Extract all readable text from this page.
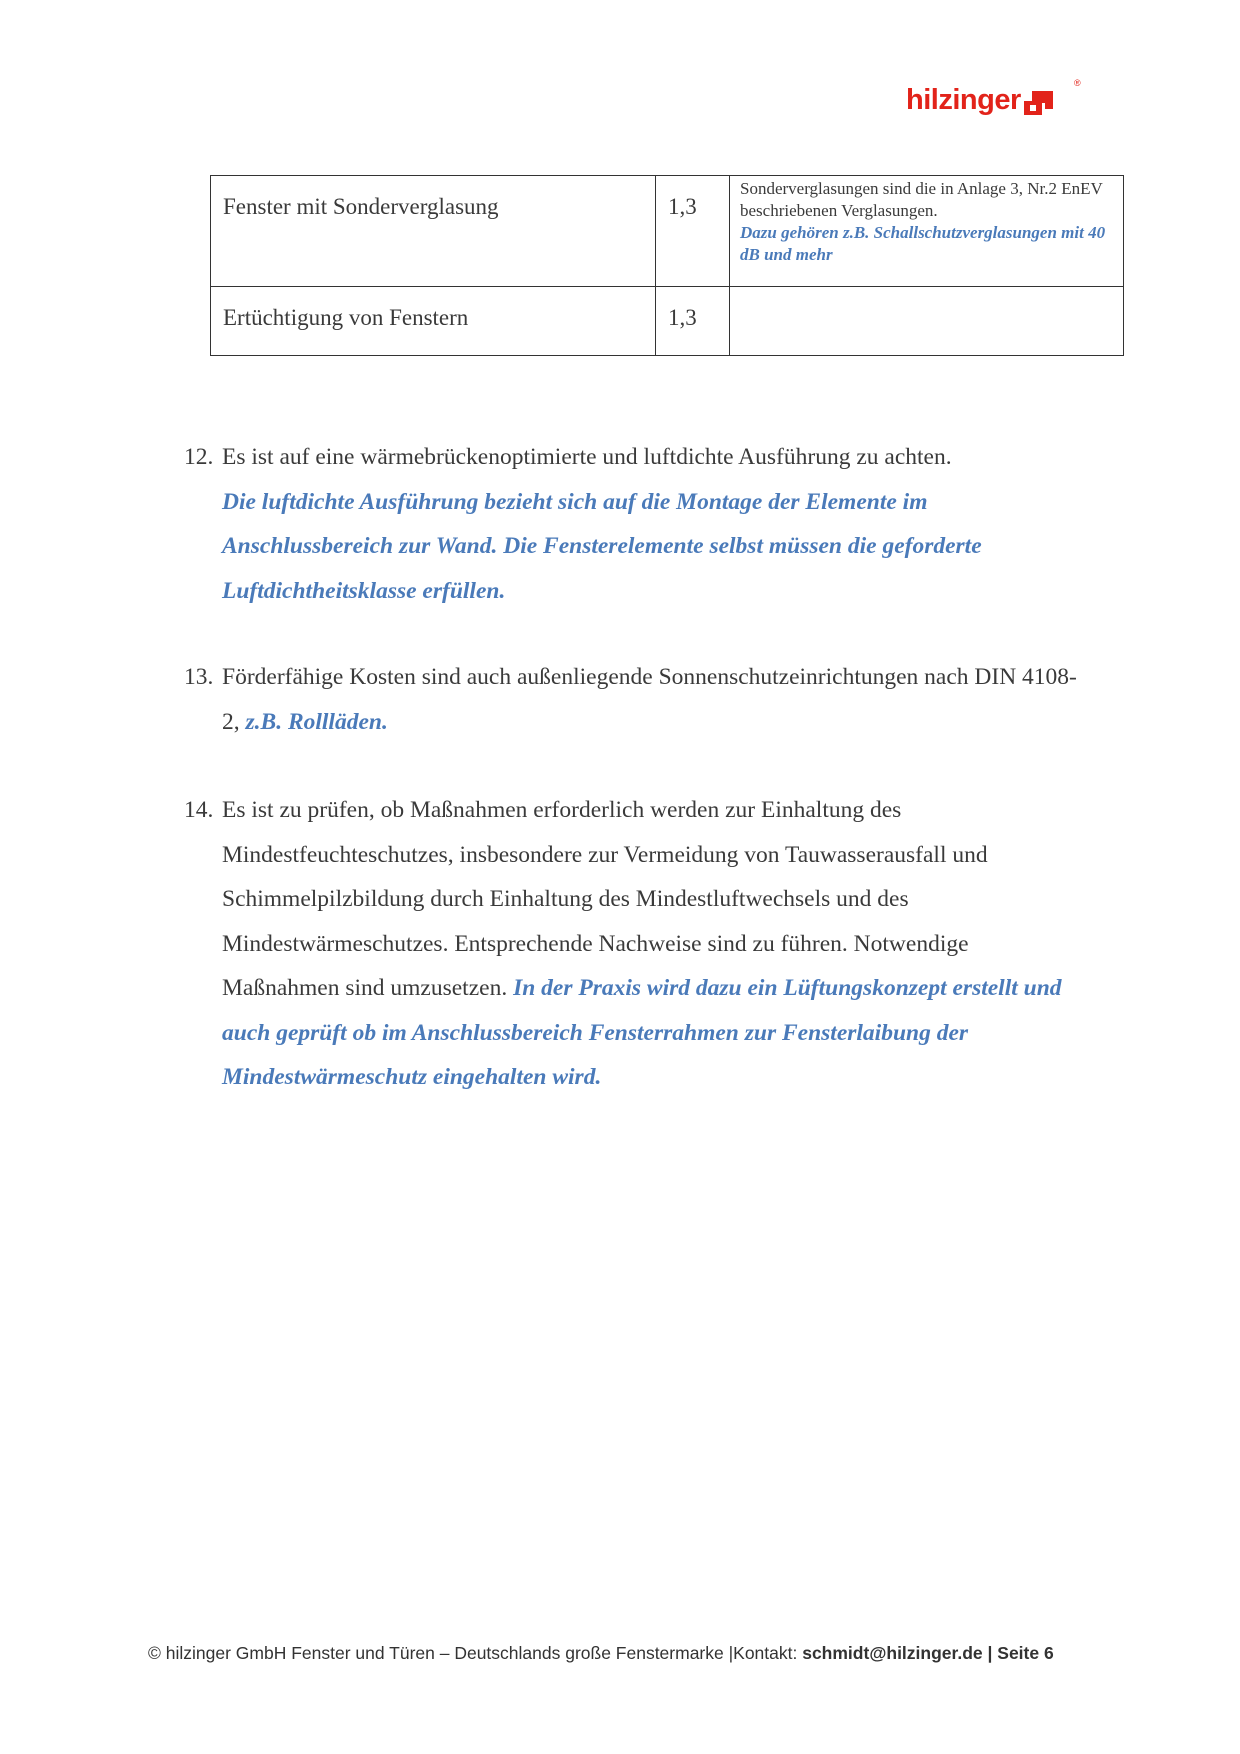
hilzinger
®
Fenster mit Sonderverglasung	1,3	Sonderverglasungen sind die in Anlage 3, Nr.2 EnEV beschriebenen Verglasungen.
Dazu gehören z.B. Schallschutzverglasungen mit 40 dB und mehr
Ertüchtigung von Fenstern	1,3	
12. Es ist auf eine wärmebrückenoptimierte und luftdichte Ausführung zu achten.
Die luftdichte Ausführung bezieht sich auf die Montage der Elemente im Anschlussbereich zur Wand. Die Fensterelemente selbst müssen die geforderte Luftdichtheitsklasse erfüllen.
13. Förderfähige Kosten sind auch außenliegende Sonnenschutzeinrichtungen nach DIN 4108-2, z.B. Rollläden.
14. Es ist zu prüfen, ob Maßnahmen erforderlich werden zur Einhaltung des Mindestfeuchteschutzes, insbesondere zur Vermeidung von Tauwasserausfall und Schimmelpilzbildung durch Einhaltung des Mindestluftwechsels und des Mindestwärmeschutzes. Entsprechende Nachweise sind zu führen. Notwendige Maßnahmen sind umzusetzen. In der Praxis wird dazu ein Lüftungskonzept erstellt und auch geprüft ob im Anschlussbereich Fensterrahmen zur Fensterlaibung der Mindestwärmeschutz eingehalten wird.
© hilzinger GmbH Fenster und Türen – Deutschlands große Fenstermarke |Kontakt: schmidt@hilzinger.de | Seite 6
